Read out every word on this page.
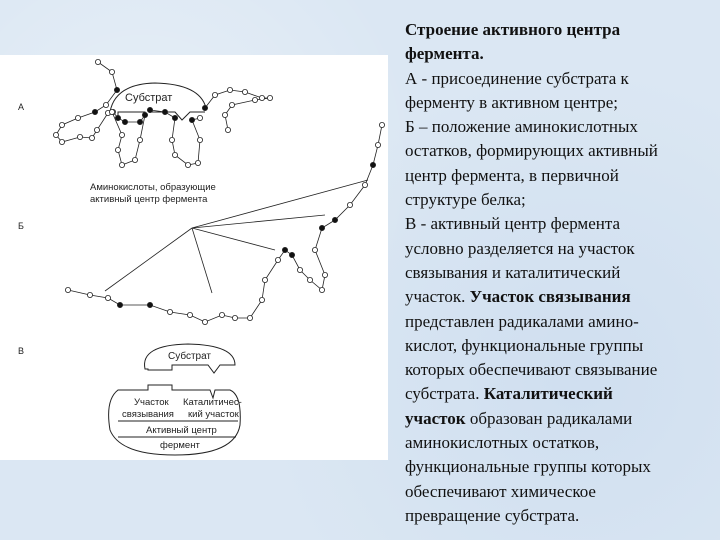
А
Б
В
Субстрат
Аминокислоты, образующие
активный центр фермента
Субстрат
Участок
связывания
Каталитичес-
кий участок
Активный центр
фермент
Строение активного центра
фермента.
А - присоединение субстрата к
ферменту в активном центре;
Б – положение аминокислотных
остатков, формирующих активный
центр фермента, в первичной
структуре белка;
В - активный центр фермента
условно разделяется на участок
связывания и каталитический
участок. Участок связывания
представлен радикалами амино-
кислот, функциональные группы
которых обеспечивают связывание
субстрата. Каталитический
участок образован радикалами
аминокислотных остатков,
функциональные группы которых
обеспечивают химическое
превращение субстрата.
